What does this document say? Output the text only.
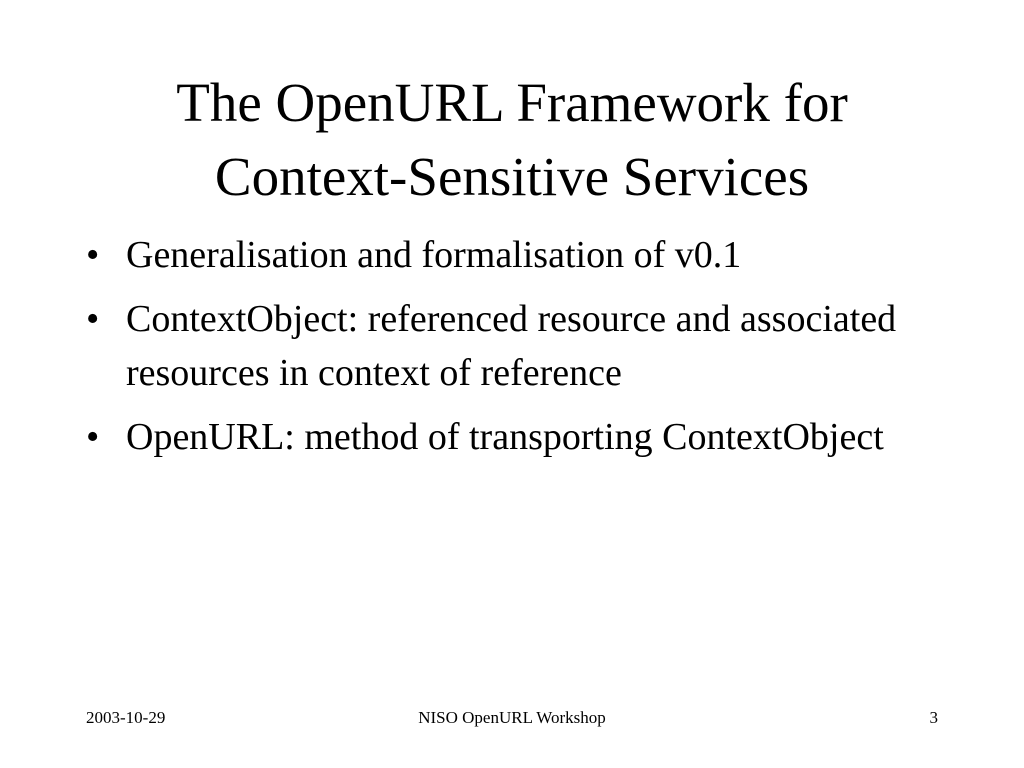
The OpenURL Framework for
Context-Sensitive Services
• Generalisation and formalisation of v0.1
• ContextObject: referenced resource and associated resources in context of reference
• OpenURL: method of transporting ContextObject
2003-10-29	NISO OpenURL Workshop	3
